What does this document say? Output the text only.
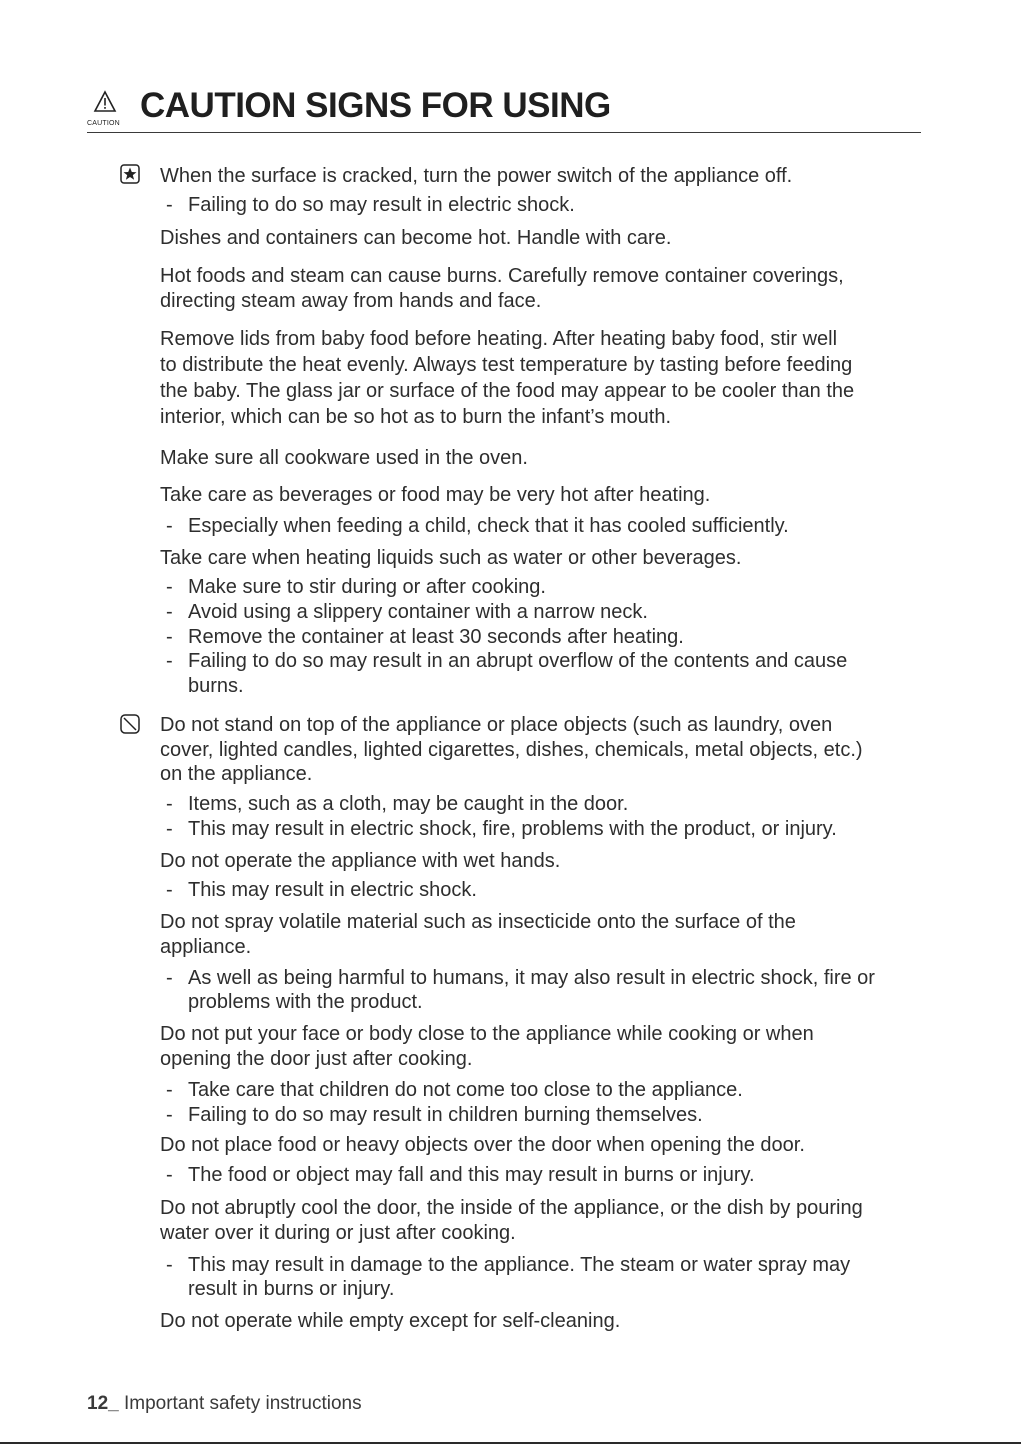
CAUTION CAUTION SIGNS FOR USING
When the surface is cracked, turn the power switch of the appliance off.
- Failing to do so may result in electric shock.
Dishes and containers can become hot. Handle with care.
Hot foods and steam can cause burns. Carefully remove container coverings,
directing steam away from hands and face.
Remove lids from baby food before heating. After heating baby food, stir well
to distribute the heat evenly. Always test temperature by tasting before feeding
the baby. The glass jar or surface of the food may appear to be cooler than the
interior, which can be so hot as to burn the infant’s mouth.
Make sure all cookware used in the oven.
Take care as beverages or food may be very hot after heating.
- Especially when feeding a child, check that it has cooled sufficiently.
Take care when heating liquids such as water or other beverages.
- Make sure to stir during or after cooking.
- Avoid using a slippery container with a narrow neck.
- Remove the container at least 30 seconds after heating.
- Failing to do so may result in an abrupt overflow of the contents and cause
burns.
Do not stand on top of the appliance or place objects (such as laundry, oven
cover, lighted candles, lighted cigarettes, dishes, chemicals, metal objects, etc.)
on the appliance.
- Items, such as a cloth, may be caught in the door.
- This may result in electric shock, fire, problems with the product, or injury.
Do not operate the appliance with wet hands.
- This may result in electric shock.
Do not spray volatile material such as insecticide onto the surface of the
appliance.
- As well as being harmful to humans, it may also result in electric shock, fire or
problems with the product.
Do not put your face or body close to the appliance while cooking or when
opening the door just after cooking.
- Take care that children do not come too close to the appliance.
- Failing to do so may result in children burning themselves.
Do not place food or heavy objects over the door when opening the door.
- The food or object may fall and this may result in burns or injury.
Do not abruptly cool the door, the inside of the appliance, or the dish by pouring
water over it during or just after cooking.
- This may result in damage to the appliance. The steam or water spray may
result in burns or injury.
Do not operate while empty except for self-cleaning.
12_ Important safety instructions
